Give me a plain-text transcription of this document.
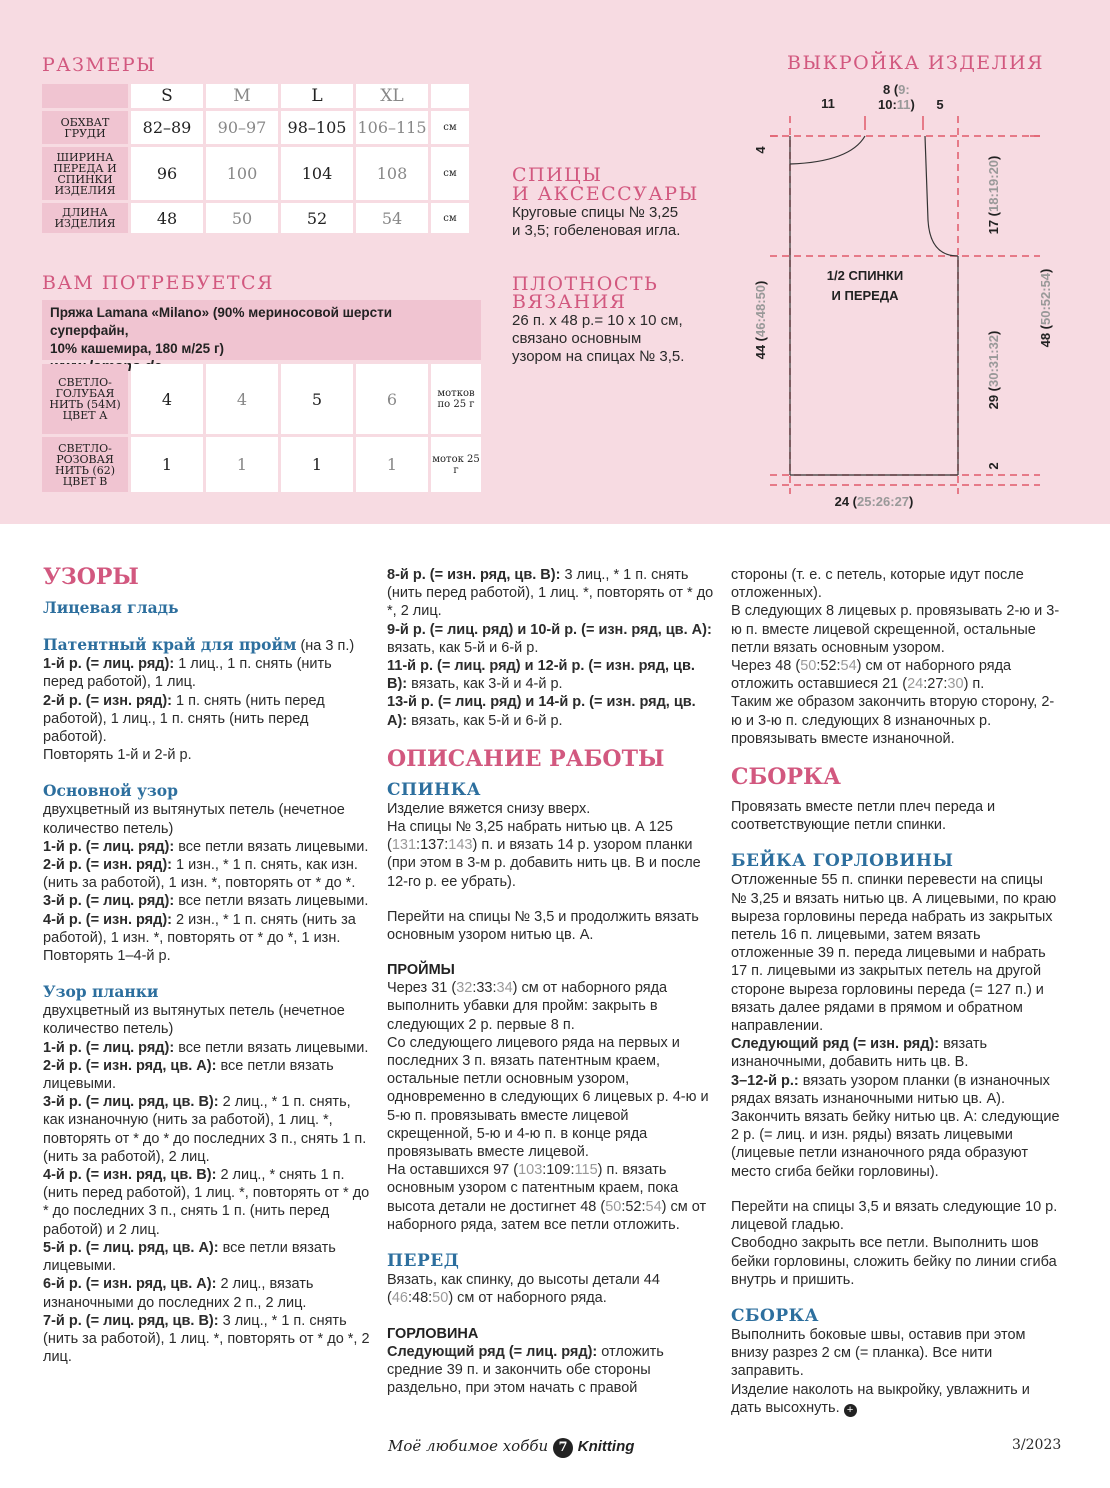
РАЗМЕРЫ
	S	M	L	XL	
ОБХВАТ ГРУДИ	82–89	90–97	98–105	106–115	см
ШИРИНА ПЕРЕДА И СПИНКИ ИЗДЕЛИЯ	96	100	104	108	см
ДЛИНА ИЗДЕЛИЯ	48	50	52	54	см
ВАМ ПОТРЕБУЕТСЯ
Пряжа Lamana «Milano» (90% мериносовой шерсти суперфайн,
10% кашемира, 180 м/25 г)
СВЕТЛО-ГОЛУБАЯ НИТЬ (54М) ЦВЕТ А	4	4	5	6	мотков по 25 г
СВЕТЛО-РОЗОВАЯ НИТЬ (62) ЦВЕТ В	1	1	1	1	моток 25 г
СПИЦЫ
И АКСЕССУАРЫ
Круговые спицы № 3,25
и 3,5; гобеленовая игла.
ПЛОТНОСТЬ
ВЯЗАНИЯ
26 п. x 48 р.= 10 x 10 см,
связано основным
узором на спицах № 3,5.
ВЫКРОЙКА ИЗДЕЛИЯ
1/2 СПИНКИ
И ПЕРЕДА
11
8 (9:
10:11) 5
4
17 (18:19:20)
29 (30:31:32)
2
44 (46:48:50)
48 (50:52:54)
24 (25:26:27)
УЗОРЫ
Лицевая гладь

Патентный край для пройм (на 3 п.)

1-й р. (= лиц. ряд): 1 лиц., 1 п. снять (нить перед работой), 1 лиц.

2-й р. (= изн. ряд): 1 п. снять (нить перед работой), 1 лиц., 1 п. снять (нить перед работой).

Повторять 1-й и 2-й р.

Основной узор

двухцветный из вытянутых петель (нечетное количество петель)

1-й р. (= лиц. ряд): все петли вязать лицевыми.

2-й р. (= изн. ряд): 1 изн., * 1 п. снять, как изн. (нить за работой), 1 изн. *, повторять от * до *.

3-й р. (= лиц. ряд): все петли вязать лицевыми.

4-й р. (= изн. ряд): 2 изн., * 1 п. снять (нить за работой), 1 изн. *, повторять от * до *, 1 изн.

Повторять 1–4-й р.

Узор планки

двухцветный из вытянутых петель (нечетное количество петель)

1-й р. (= лиц. ряд): все петли вязать лицевыми.

2-й р. (= изн. ряд, цв. А): все петли вязать лицевыми.

3-й р. (= лиц. ряд, цв. В): 2 лиц., * 1 п. снять, как изнаночную (нить за работой), 1 лиц. *, повторять от * до * до последних 3 п., снять 1 п. (нить за работой), 2 лиц.

4-й р. (= изн. ряд, цв. В): 2 лиц., * снять 1 п. (нить перед работой), 1 лиц. *, повторять от * до * до последних 3 п., снять 1 п. (нить перед работой) и 2 лиц.

5-й р. (= лиц. ряд, цв. А): все петли вязать лицевыми.

6-й р. (= изн. ряд, цв. А): 2 лиц., вязать изнаночными до последних 2 п., 2 лиц.

7-й р. (= лиц. ряд, цв. В): 3 лиц., * 1 п. снять (нить за работой), 1 лиц. *, повторять от * до *, 2 лиц.

8-й р. (= изн. ряд, цв. В): 3 лиц., * 1 п. снять (нить перед работой), 1 лиц. *, повторять от * до *, 2 лиц.

9-й р. (= лиц. ряд) и 10-й р. (= изн. ряд, цв. А): вязать, как 5-й и 6-й р.

11-й р. (= лиц. ряд) и 12-й р. (= изн. ряд, цв. В): вязать, как 3-й и 4-й р.

13-й р. (= лиц. ряд) и 14-й р. (= изн. ряд, цв. А): вязать, как 5-й и 6-й р.

ОПИСАНИЕ РАБОТЫ
СПИНКА

Изделие вяжется снизу вверх.

На спицы № 3,25 набрать нитью цв. А 125 (131:137:143) п. и вязать 14 р. узором планки (при этом в 3-м р. добавить нить цв. В и после 12-го р. ее убрать).

Перейти на спицы № 3,5 и продолжить вязать основным узором нитью цв. А.

ПРОЙМЫ

Через 31 (32:33:34) см от наборного ряда выполнить убавки для пройм: закрыть в следующих 2 р. первые 8 п.

Со следующего лицевого ряда на первых и последних 3 п. вязать патентным краем, остальные петли основным узором, одновременно в следующих 6 лицевых р. 4-ю и 5-ю п. провязывать вместе лицевой скрещенной, 5-ю и 4-ю п. в конце ряда провязывать вместе лицевой.

На оставшихся 97 (103:109:115) п. вязать основным узором с патентным краем, пока высота детали не достигнет 48 (50:52:54) см от наборного ряда, затем все петли отложить.

ПЕРЕД

Вязать, как спинку, до высоты детали 44 (46:48:50) см от наборного ряда.

ГОРЛОВИНА

Следующий ряд (= лиц. ряд): отложить средние 39 п. и закончить обе стороны раздельно, при этом начать с правой

стороны (т. е. с петель, которые идут после отложенных).

В следующих 8 лицевых р. провязывать 2-ю и 3-ю п. вместе лицевой скрещенной, остальные петли вязать основным узором.

Через 48 (50:52:54) см от наборного ряда отложить оставшиеся 21 (24:27:30) п.

Таким же образом закончить вторую сторону, 2-ю и 3-ю п. следующих 8 изнаночных р. провязывать вместе изнаночной.

СБОРКА

Провязать вместе петли плеч переда и соответствующие петли спинки.

БЕЙКА ГОРЛОВИНЫ

Отложенные 55 п. спинки перевести на спицы № 3,25 и вязать нитью цв. А лицевыми, по краю выреза горловины переда набрать из закрытых петель 16 п. лицевыми, затем вязать отложенные 39 п. переда лицевыми и набрать 17 п. лицевыми из закрытых петель на другой стороне выреза горловины переда (= 127 п.) и вязать далее рядами в прямом и обратном направлении.

Следующий ряд (= изн. ряд): вязать изнаночными, добавить нить цв. В.

3–12-й р.: вязать узором планки (в изнаночных рядах вязать изнаночными нитью цв. А).

Закончить вязать бейку нитью цв. А: следующие 2 р. (= лиц. и изн. ряды) вязать лицевыми (лицевые петли изнаночного ряда образуют место сгиба бейки горловины).

Перейти на спицы 3,5 и вязать следующие 10 р. лицевой гладью.

Свободно закрыть все петли. Выполнить шов бейки горловины, сложить бейку по линии сгиба внутрь и пришить.

СБОРКА

Выполнить боковые швы, оставив при этом внизу разрез 2 см (= планка). Все нити заправить.

Изделие наколоть на выкройку, увлажнить и дать высохнуть. +

Моё любимое хобби 7 Knitting	3/2023
